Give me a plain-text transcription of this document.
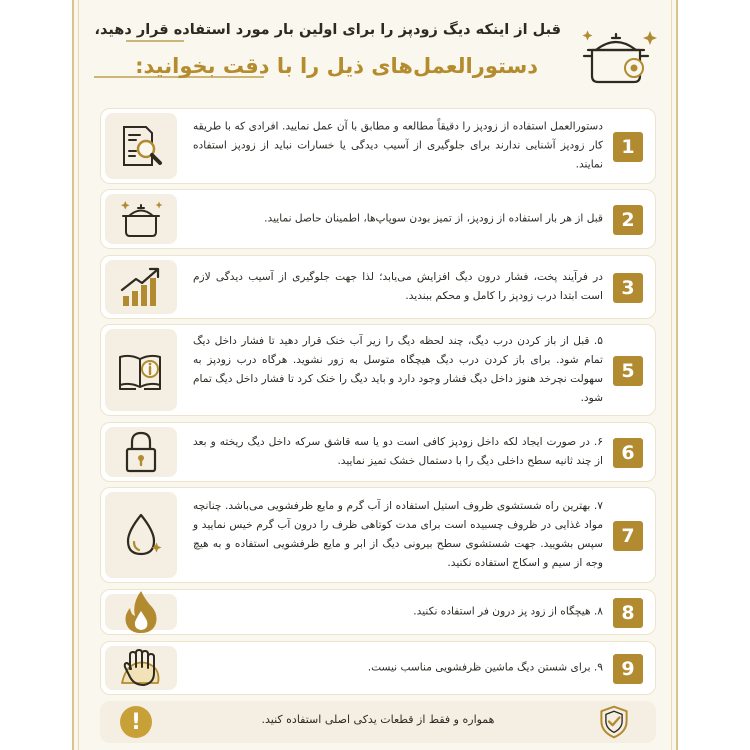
قبل از اینکه دیگ زودپز را برای اولین بار مورد استفاده قرار دهید،
دستورالعمل‌های ذیل را با دقت بخوانید:
دستورالعمل استفاده از زودپز را دقیقاً مطالعه و مطابق با آن عمل نمایید. افرادی که با طریقه کار زودپز آشنایی ندارند برای جلوگیری از آسیب دیدگی یا خسارات نباید از زودپز استفاده نمایند.
1
قبل از هر بار استفاده از زودپز، از تمیز بودن سوپاپ‌ها، اطمینان حاصل نمایید. 2
در فرآیند پخت، فشار درون دیگ افزایش می‌یابد؛ لذا جهت جلوگیری از آسیب دیدگی لازم است ابتدا درب زودپز را کامل و محکم ببندید. 3
۵. قبل از باز کردن درب دیگ، چند لحظه دیگ را زیر آب خنک قرار دهید تا فشار داخل دیگ تمام شود. برای باز کردن درب دیگ هیچگاه متوسل به زور نشوید. هرگاه درب زودپز به سهولت نچرخد هنوز داخل دیگ فشار وجود دارد و باید دیگ را خنک کرد تا فشار داخل دیگ تمام شود.
5
۶. در صورت ایجاد لکه داخل زودپز کافی است دو یا سه قاشق سرکه داخل دیگ ریخته و بعد از چند ثانیه سطح داخلی دیگ را با دستمال خشک تمیز نمایید. 6
۷. بهترین راه شستشوی ظروف استیل استفاده از آب گرم و مایع ظرفشویی می‌باشد. چنانچه مواد غذایی در ظروف چسبیده است برای مدت کوتاهی ظرف را درون آب گرم خیس نمایید و سپس بشویید. جهت شستشوی سطح بیرونی دیگ از ابر و مایع ظرفشویی استفاده و به هیچ وجه از سیم و اسکاج استفاده نکنید.
7
۸. هیچگاه از زود پز درون فر استفاده نکنید. 8
۹. برای شستن دیگ ماشین ظرفشویی مناسب نیست. 9
!	همواره و فقط از قطعات یدکی اصلی استفاده کنید.
